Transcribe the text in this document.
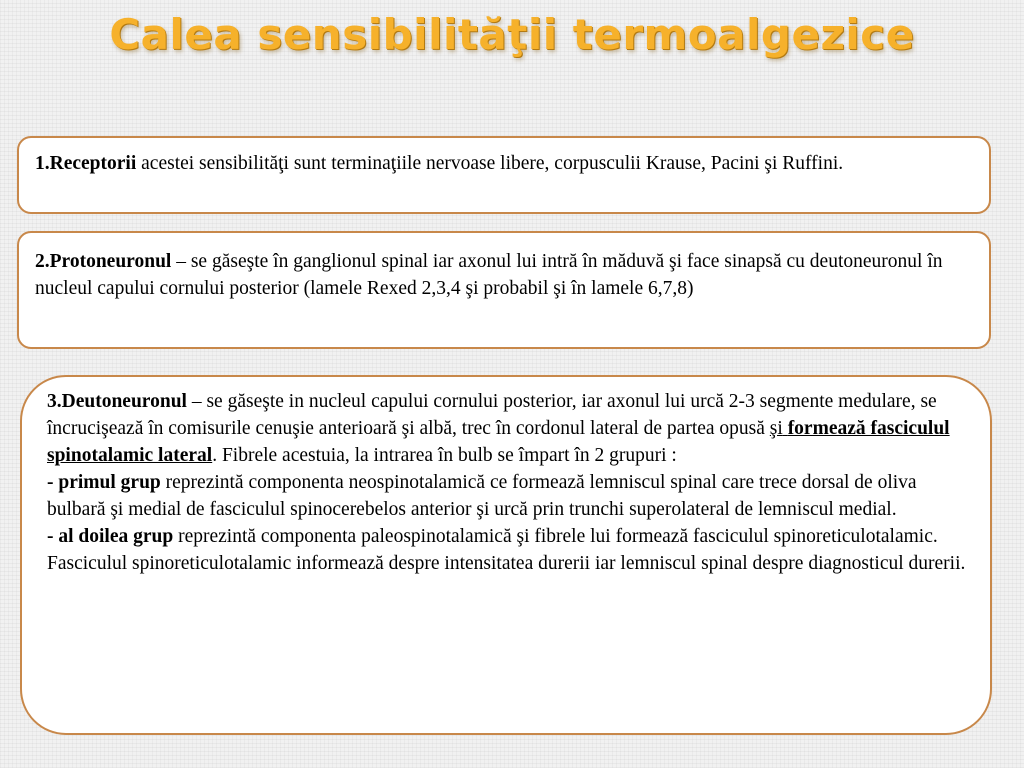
Calea sensibilităţii termoalgezice

1.Receptorii acestei sensibilităţi sunt terminaţiile nervoase libere, corpusculii Krause, Pacini şi Ruffini.

2.Protoneuronul – se găseşte în ganglionul spinal iar axonul lui intră în măduvă şi face sinapsă cu deutoneuronul în nucleul capului cornului posterior (lamele Rexed 2,3,4 şi probabil şi în lamele 6,7,8)

3.Deutoneuronul – se găseşte in nucleul capului cornului posterior, iar axonul lui urcă 2-3 segmente medulare, se încrucişează în comisurile cenuşie anterioară şi albă, trec în cordonul lateral de partea opusă şi formează fasciculul spinotalamic lateral. Fibrele acestuia, la intrarea în bulb se împart în 2 grupuri :

- primul grup reprezintă componenta neospinotalamică ce formează lemniscul spinal care trece dorsal de oliva bulbară şi medial de fasciculul spinocerebelos anterior şi urcă prin trunchi superolateral de lemniscul medial.

- al doilea grup reprezintă componenta paleospinotalamică şi fibrele lui formează fasciculul spinoreticulotalamic. Fasciculul spinoreticulotalamic informează despre intensitatea durerii iar lemniscul spinal despre diagnosticul durerii.
